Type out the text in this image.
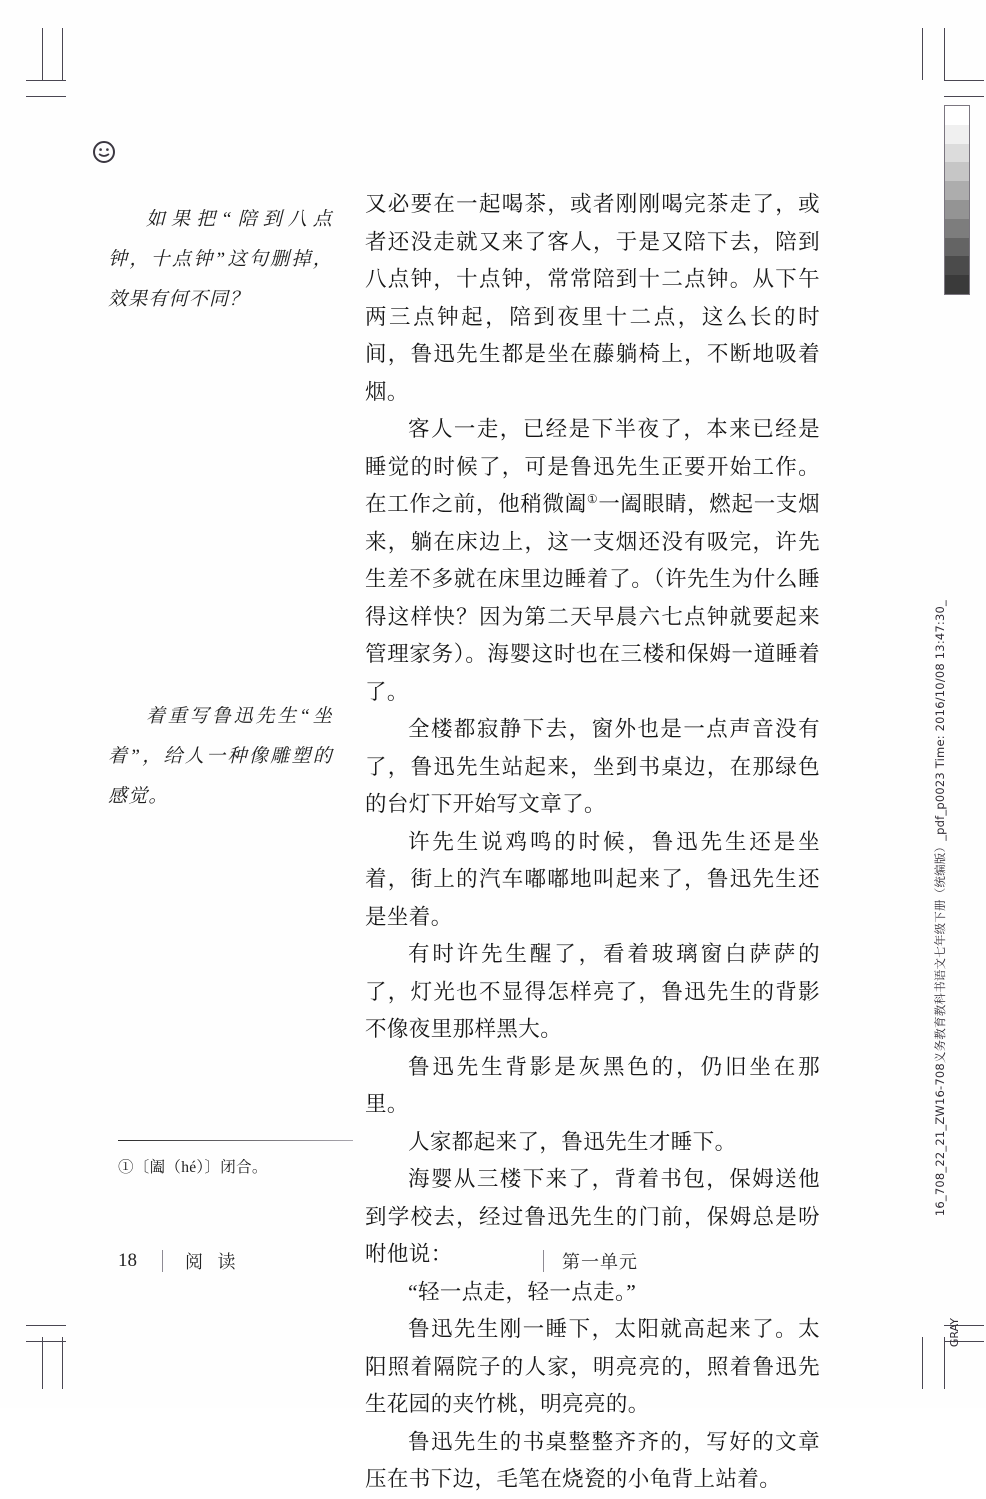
16_708_22_21_ZW16-708义务教育教科书语文七年级下册（统编版）_pdf_p0023 Time: 2016/10/08 13:47:30_
GRAY
如果把“陪到八点钟，十点钟”这句删掉，效果有何不同？
着重写鲁迅先生“坐着”，给人一种像雕塑的感觉。

又必要在一起喝茶，或者刚刚喝完茶走了，或者还没走就又来了客人，于是又陪下去，陪到八点钟，十点钟，常常陪到十二点钟。从下午两三点钟起，陪到夜里十二点，这么长的时间，鲁迅先生都是坐在藤躺椅上，不断地吸着烟。

客人一走，已经是下半夜了，本来已经是睡觉的时候了，可是鲁迅先生正要开始工作。在工作之前，他稍微阖①一阖眼睛，燃起一支烟来，躺在床边上，这一支烟还没有吸完，许先生差不多就在床里边睡着了。（许先生为什么睡得这样快？因为第二天早晨六七点钟就要起来管理家务）。海婴这时也在三楼和保姆一道睡着了。

全楼都寂静下去，窗外也是一点声音没有了，鲁迅先生站起来，坐到书桌边，在那绿色的台灯下开始写文章了。

许先生说鸡鸣的时候，鲁迅先生还是坐着，街上的汽车嘟嘟地叫起来了，鲁迅先生还是坐着。

有时许先生醒了，看着玻璃窗白萨萨的了，灯光也不显得怎样亮了，鲁迅先生的背影不像夜里那样黑大。

鲁迅先生背影是灰黑色的，仍旧坐在那里。

人家都起来了，鲁迅先生才睡下。

海婴从三楼下来了，背着书包，保姆送他到学校去，经过鲁迅先生的门前，保姆总是吩咐他说：

“轻一点走，轻一点走。”

鲁迅先生刚一睡下，太阳就高起来了。太阳照着隔院子的人家，明亮亮的，照着鲁迅先生花园的夹竹桃，明亮亮的。

鲁迅先生的书桌整整齐齐的，写好的文章压在书下边，毛笔在烧瓷的小龟背上站着。

①〔阖（hé）〕闭合。
18	阅 读	第一单元
